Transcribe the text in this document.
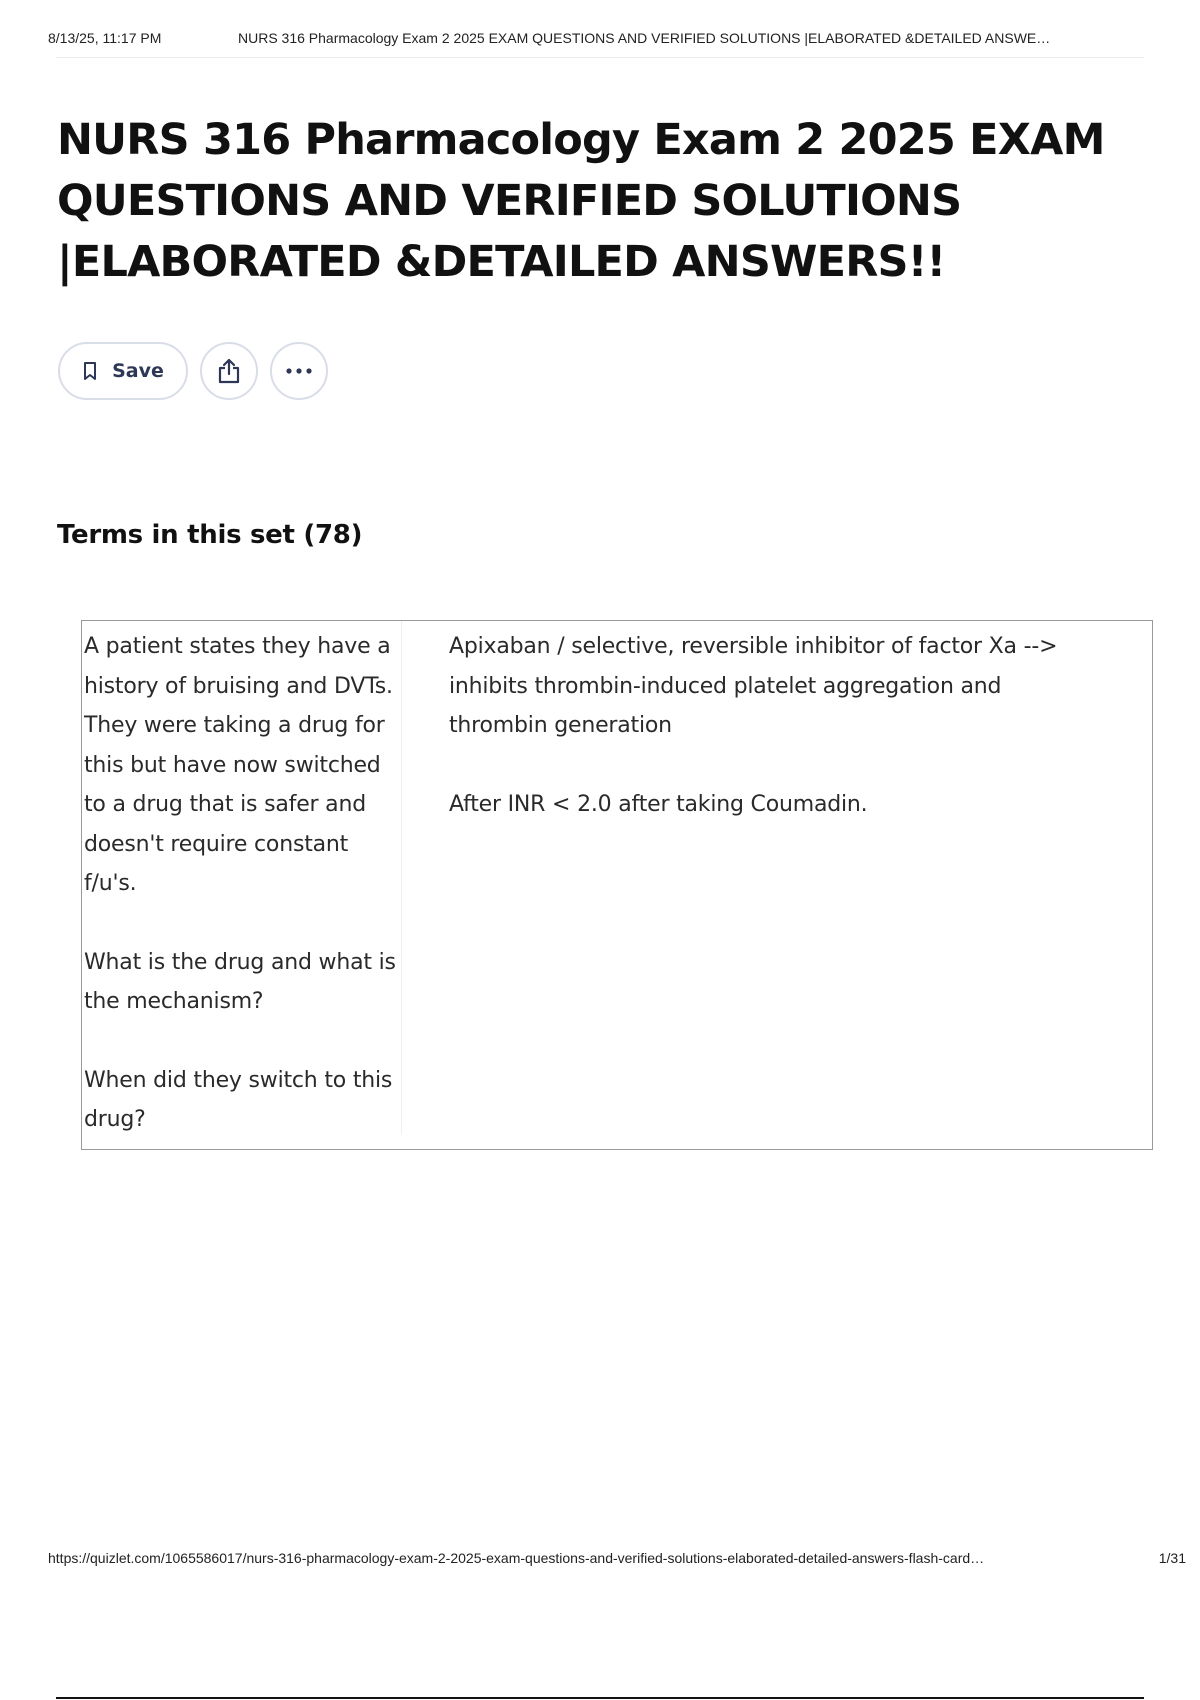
8/13/25, 11:17 PM	NURS 316 Pharmacology Exam 2 2025 EXAM QUESTIONS AND VERIFIED SOLUTIONS |ELABORATED &DETAILED ANSWE…
NURS 316 Pharmacology Exam 2 2025 EXAM QUESTIONS AND VERIFIED SOLUTIONS |ELABORATED &DETAILED ANSWERS!!
Save
Terms in this set (78)

A patient states they have a history of bruising and DVTs. They were taking a drug for this but have now switched to a drug that is safer and doesn't require constant f/u's.

What is the drug and what is the mechanism?

When did they switch to this drug?

Apixaban / selective, reversible inhibitor of factor Xa --> inhibits thrombin-induced platelet aggregation and thrombin generation

After INR < 2.0 after taking Coumadin.

https://quizlet.com/1065586017/nurs-316-pharmacology-exam-2-2025-exam-questions-and-verified-solutions-elaborated-detailed-answers-flash-card…	1/31
